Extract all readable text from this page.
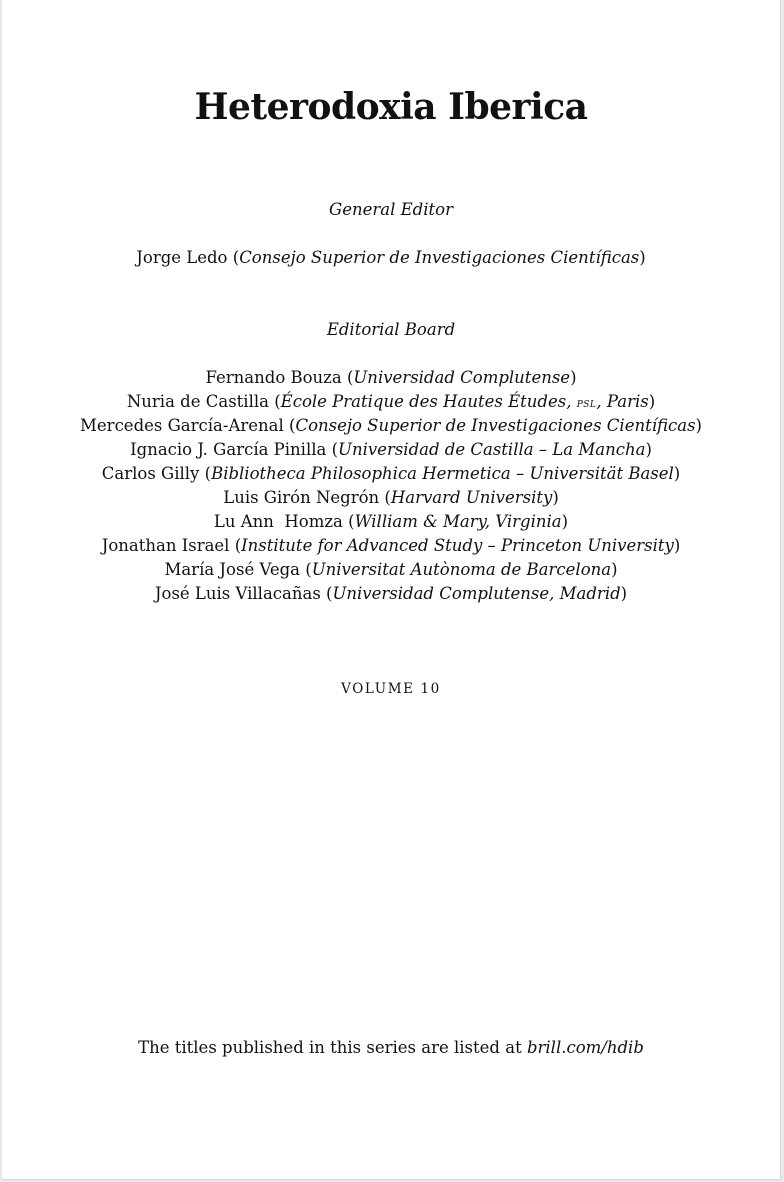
Heterodoxia Iberica
General Editor
Jorge Ledo (Consejo Superior de Investigaciones Científicas)
Editorial Board
Fernando Bouza (Universidad Complutense)
Nuria de Castilla (École Pratique des Hautes Études, psl, Paris)
Mercedes García-Arenal (Consejo Superior de Investigaciones Científicas)
Ignacio J. García Pinilla (Universidad de Castilla – La Mancha)
Carlos Gilly (Bibliotheca Philosophica Hermetica – Universität Basel)
Luis Girón Negrón (Harvard University)
Lu Ann  Homza (William & Mary, Virginia)
Jonathan Israel (Institute for Advanced Study – Princeton University)
María José Vega (Universitat Autònoma de Barcelona)
José Luis Villacañas (Universidad Complutense, Madrid)
VOLUME 10
The titles published in this series are listed at brill.com/hdib
